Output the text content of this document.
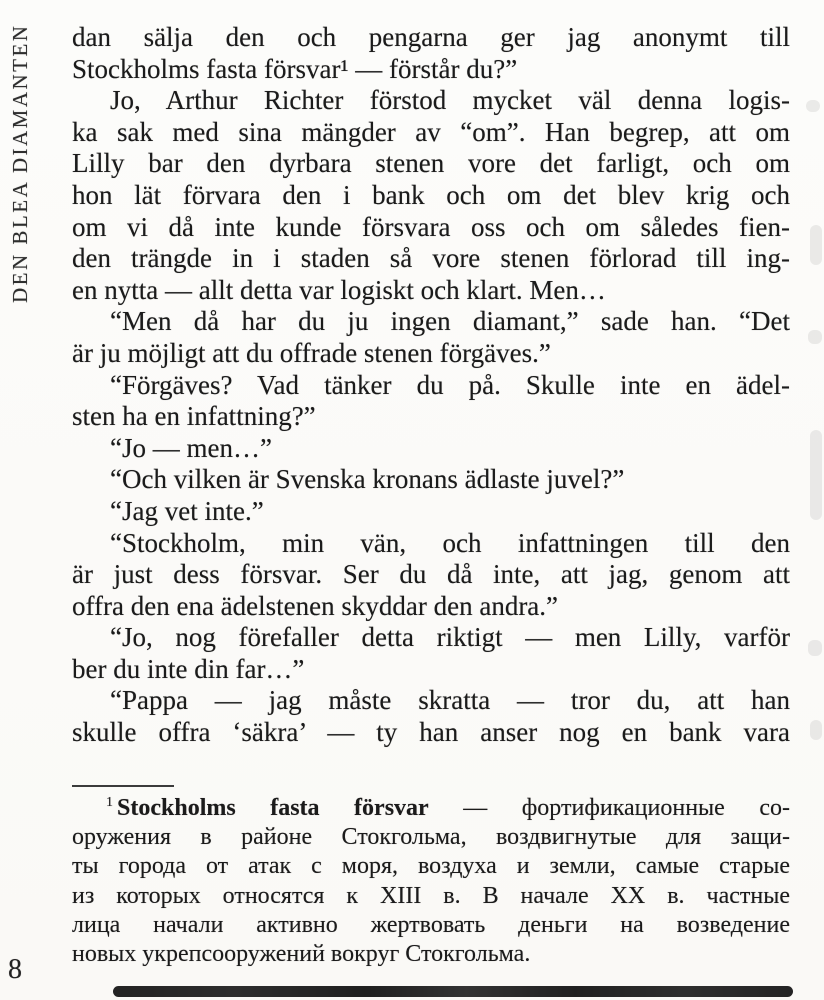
DEN BLEA DIAMANTEN dan sälja den och pengarna ger jag anonymt till
Stockholms fasta försvar¹ — förstår du?”
Jo, Arthur Richter förstod mycket väl denna logis-
ka sak med sina mängder av “om”. Han begrep, att om
Lilly bar den dyrbara stenen vore det farligt, och om
hon lät förvara den i bank och om det blev krig och
om vi då inte kunde försvara oss och om således fien-
den trängde in i staden så vore stenen förlorad till ing-
en nytta — allt detta var logiskt och klart. Men…
“Men då har du ju ingen diamant,” sade han. “Det
är ju möjligt att du offrade stenen förgäves.”
“Förgäves? Vad tänker du på. Skulle inte en ädel-
sten ha en infattning?”
“Jo — men…”
“Och vilken är Svenska kronans ädlaste juvel?”
“Jag vet inte.”
“Stockholm, min vän, och infattningen till den
är just dess försvar. Ser du då inte, att jag, genom att
offra den ena ädelstenen skyddar den andra.”
“Jo, nog förefaller detta riktigt — men Lilly, varför
ber du inte din far…”
“Pappa — jag måste skratta — tror du, att han
skulle offra ‘säkra’ — ty han anser nog en bank vara
$^1$Stockholms fasta försvar — фортификационные со-
оружения в районе Стокгольма, воздвигнутые для защи-
ты города от атак с моря, воздуха и земли, самые старые
из которых относятся к XIII в. В начале XX в. частные
лица начали активно жертвовать деньги на возведение
новых укрепсооружений вокруг Стокгольма.
8
